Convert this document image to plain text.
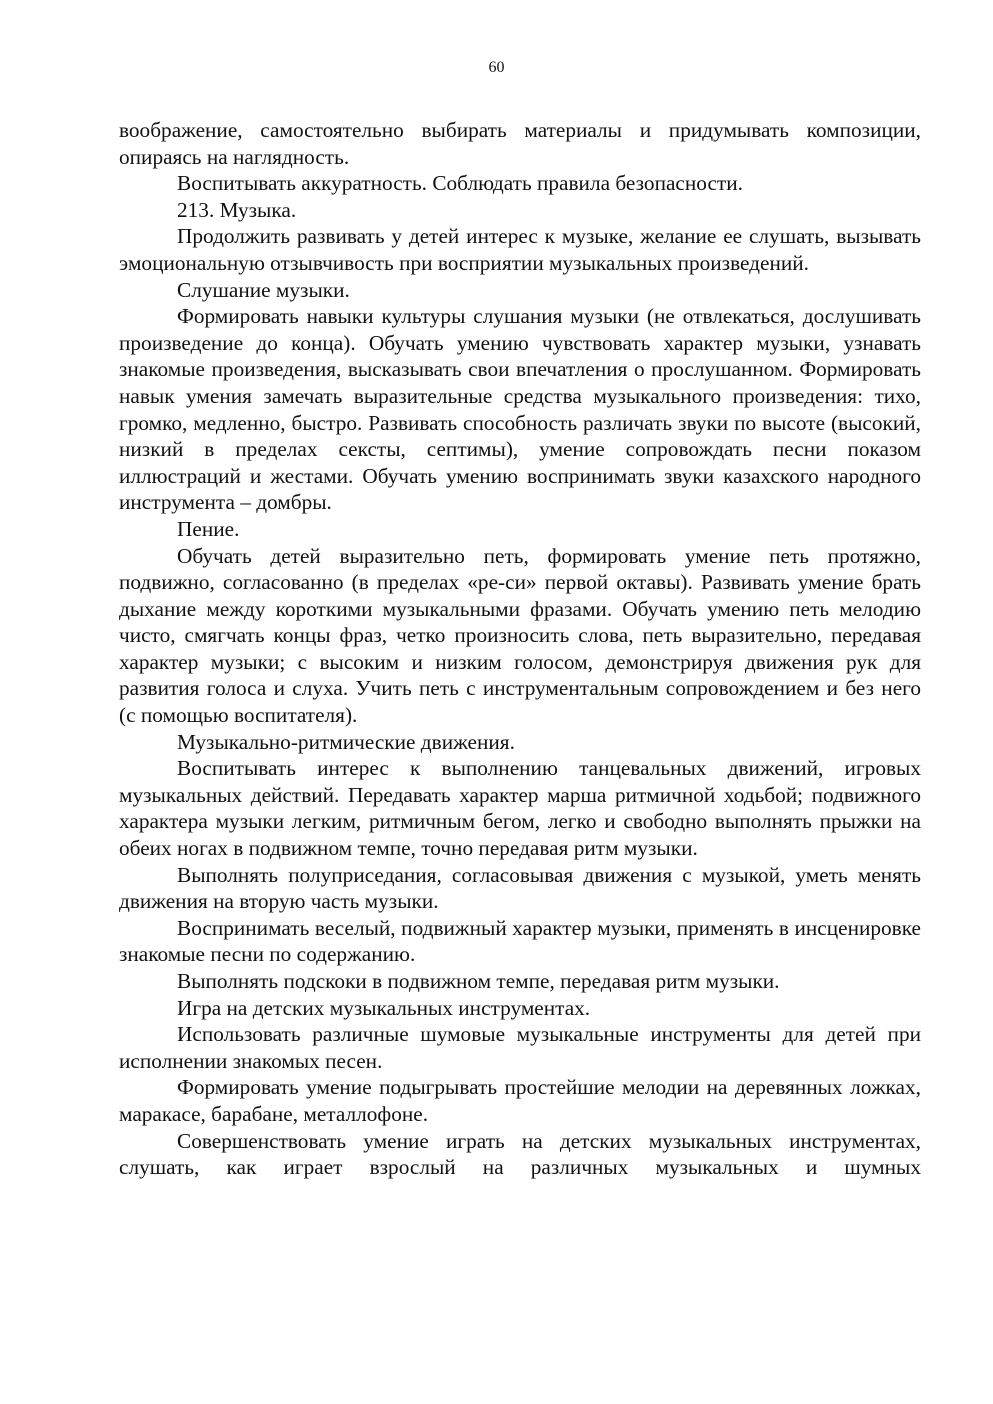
60

воображение, самостоятельно выбирать материалы и придумывать композиции, опираясь на наглядность.

Воспитывать аккуратность. Соблюдать правила безопасности.

213. Музыка.

Продолжить развивать у детей интерес к музыке, желание ее слушать, вызывать эмоциональную отзывчивость при восприятии музыкальных произведений.

Слушание музыки.

Формировать навыки культуры слушания музыки (не отвлекаться, дослушивать произведение до конца). Обучать умению чувствовать характер музыки, узнавать знакомые произведения, высказывать свои впечатления о прослушанном. Формировать навык умения замечать выразительные средства музыкального произведения: тихо, громко, медленно, быстро. Развивать способность различать звуки по высоте (высокий, низкий в пределах сексты, септимы), умение сопровождать песни показом иллюстраций и жестами. Обучать умению воспринимать звуки казахского народного инструмента – домбры.

Пение.

Обучать детей выразительно петь, формировать умение петь протяжно, подвижно, согласованно (в пределах «ре-си» первой октавы). Развивать умение брать дыхание между короткими музыкальными фразами. Обучать умению петь мелодию чисто, смягчать концы фраз, четко произносить слова, петь выразительно, передавая характер музыки; с высоким и низким голосом, демонстрируя движения рук для развития голоса и слуха. Учить петь с инструментальным сопровождением и без него (с помощью воспитателя).

Музыкально-ритмические движения.

Воспитывать интерес к выполнению танцевальных движений, игровых музыкальных действий. Передавать характер марша ритмичной ходьбой; подвижного характера музыки легким, ритмичным бегом, легко и свободно выполнять прыжки на обеих ногах в подвижном темпе, точно передавая ритм музыки.

Выполнять полуприседания, согласовывая движения с музыкой, уметь менять движения на вторую часть музыки.

Воспринимать веселый, подвижный характер музыки, применять в инсценировке знакомые песни по содержанию.

Выполнять подскоки в подвижном темпе, передавая ритм музыки.

Игра на детских музыкальных инструментах.

Использовать различные шумовые музыкальные инструменты для детей при исполнении знакомых песен.

Формировать умение подыгрывать простейшие мелодии на деревянных ложках, маракасе, барабане, металлофоне.

Совершенствовать умение играть на детских музыкальных инструментах, слушать, как играет взрослый на различных музыкальных и шумных
